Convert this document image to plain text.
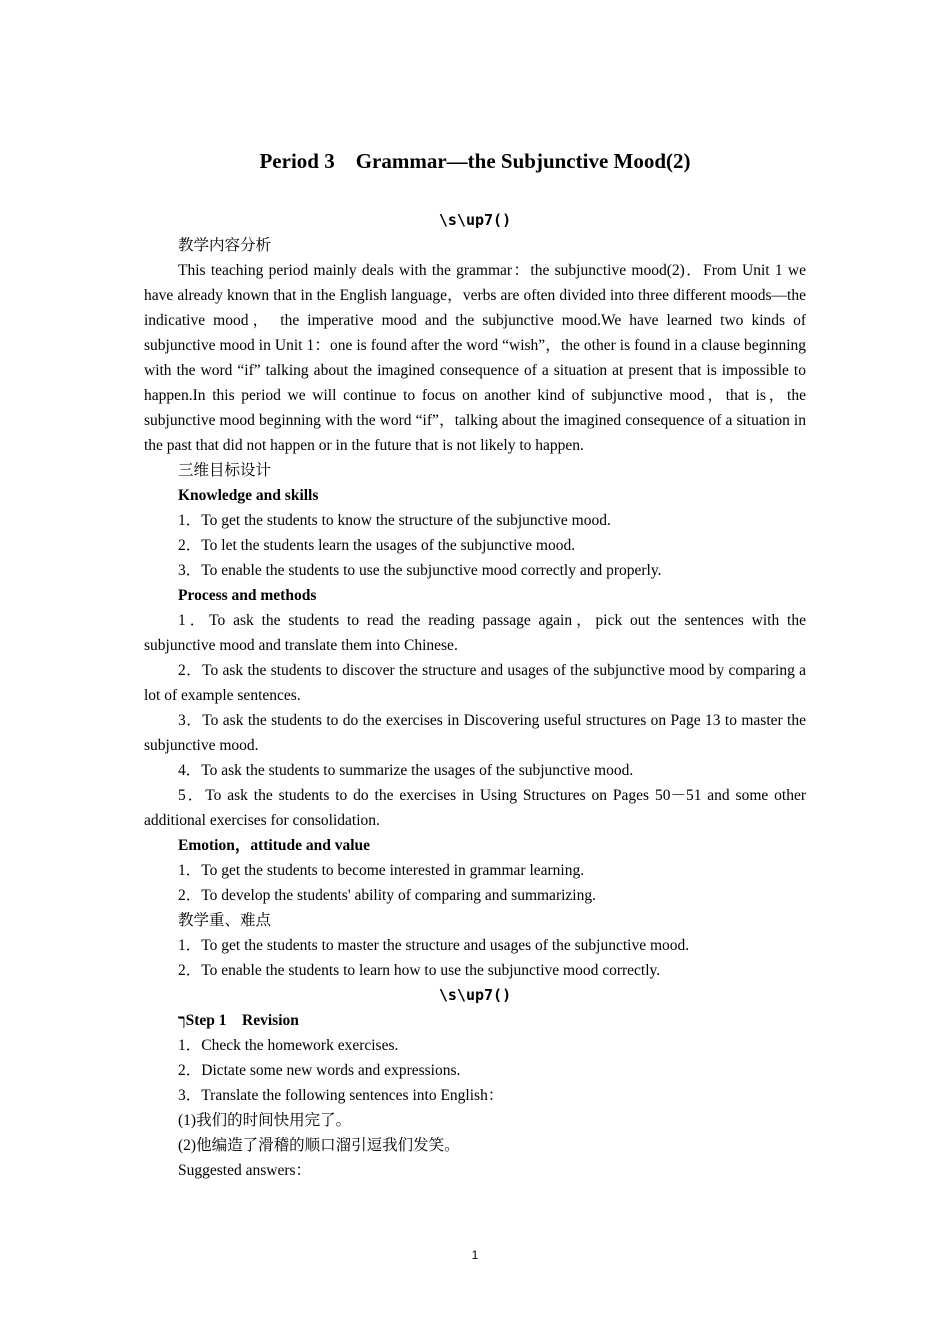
Period 3　Grammar—the Subjunctive Mood(2)
\s\up7()
教学内容分析

This teaching period mainly deals with the grammar：the subjunctive mood(2)．From Unit 1 we have already known that in the English language，verbs are often divided into three different moods—the indicative mood， the imperative mood and the subjunctive mood.We have learned two kinds of subjunctive mood in Unit 1：one is found after the word “wish”，the other is found in a clause beginning with the word “if” talking about the imagined consequence of a situation at present that is impossible to happen.In this period we will continue to focus on another kind of subjunctive mood，that is，the subjunctive mood beginning with the word “if”，talking about the imagined consequence of a situation in the past that did not happen or in the future that is not likely to happen.

三维目标设计
Knowledge and skills
1．To get the students to know the structure of the subjunctive mood.
2．To let the students learn the usages of the subjunctive mood.
3．To enable the students to use the subjunctive mood correctly and properly.
Process and methods

1．To ask the students to read the reading passage again，pick out the sentences with the subjunctive mood and translate them into Chinese.

2．To ask the students to discover the structure and usages of the subjunctive mood by comparing a lot of example sentences.

3．To ask the students to do the exercises in Discovering useful structures on Page 13 to master the subjunctive mood.

4．To ask the students to summarize the usages of the subjunctive mood.

5．To ask the students to do the exercises in Using Structures on Pages 50－51 and some other additional exercises for consolidation.

Emotion，attitude and value
1．To get the students to become interested in grammar learning.
2．To develop the students' ability of comparing and summarizing.
教学重、难点
1．To get the students to master the structure and usages of the subjunctive mood.
2．To enable the students to learn how to use the subjunctive mood correctly.
\s\up7()
ךStep 1　Revision
1．Check the homework exercises.
2．Dictate some new words and expressions.
3．Translate the following sentences into English：
(1)我们的时间快用完了。
(2)他编造了滑稽的顺口溜引逗我们发笑。
Suggested answers：
1
